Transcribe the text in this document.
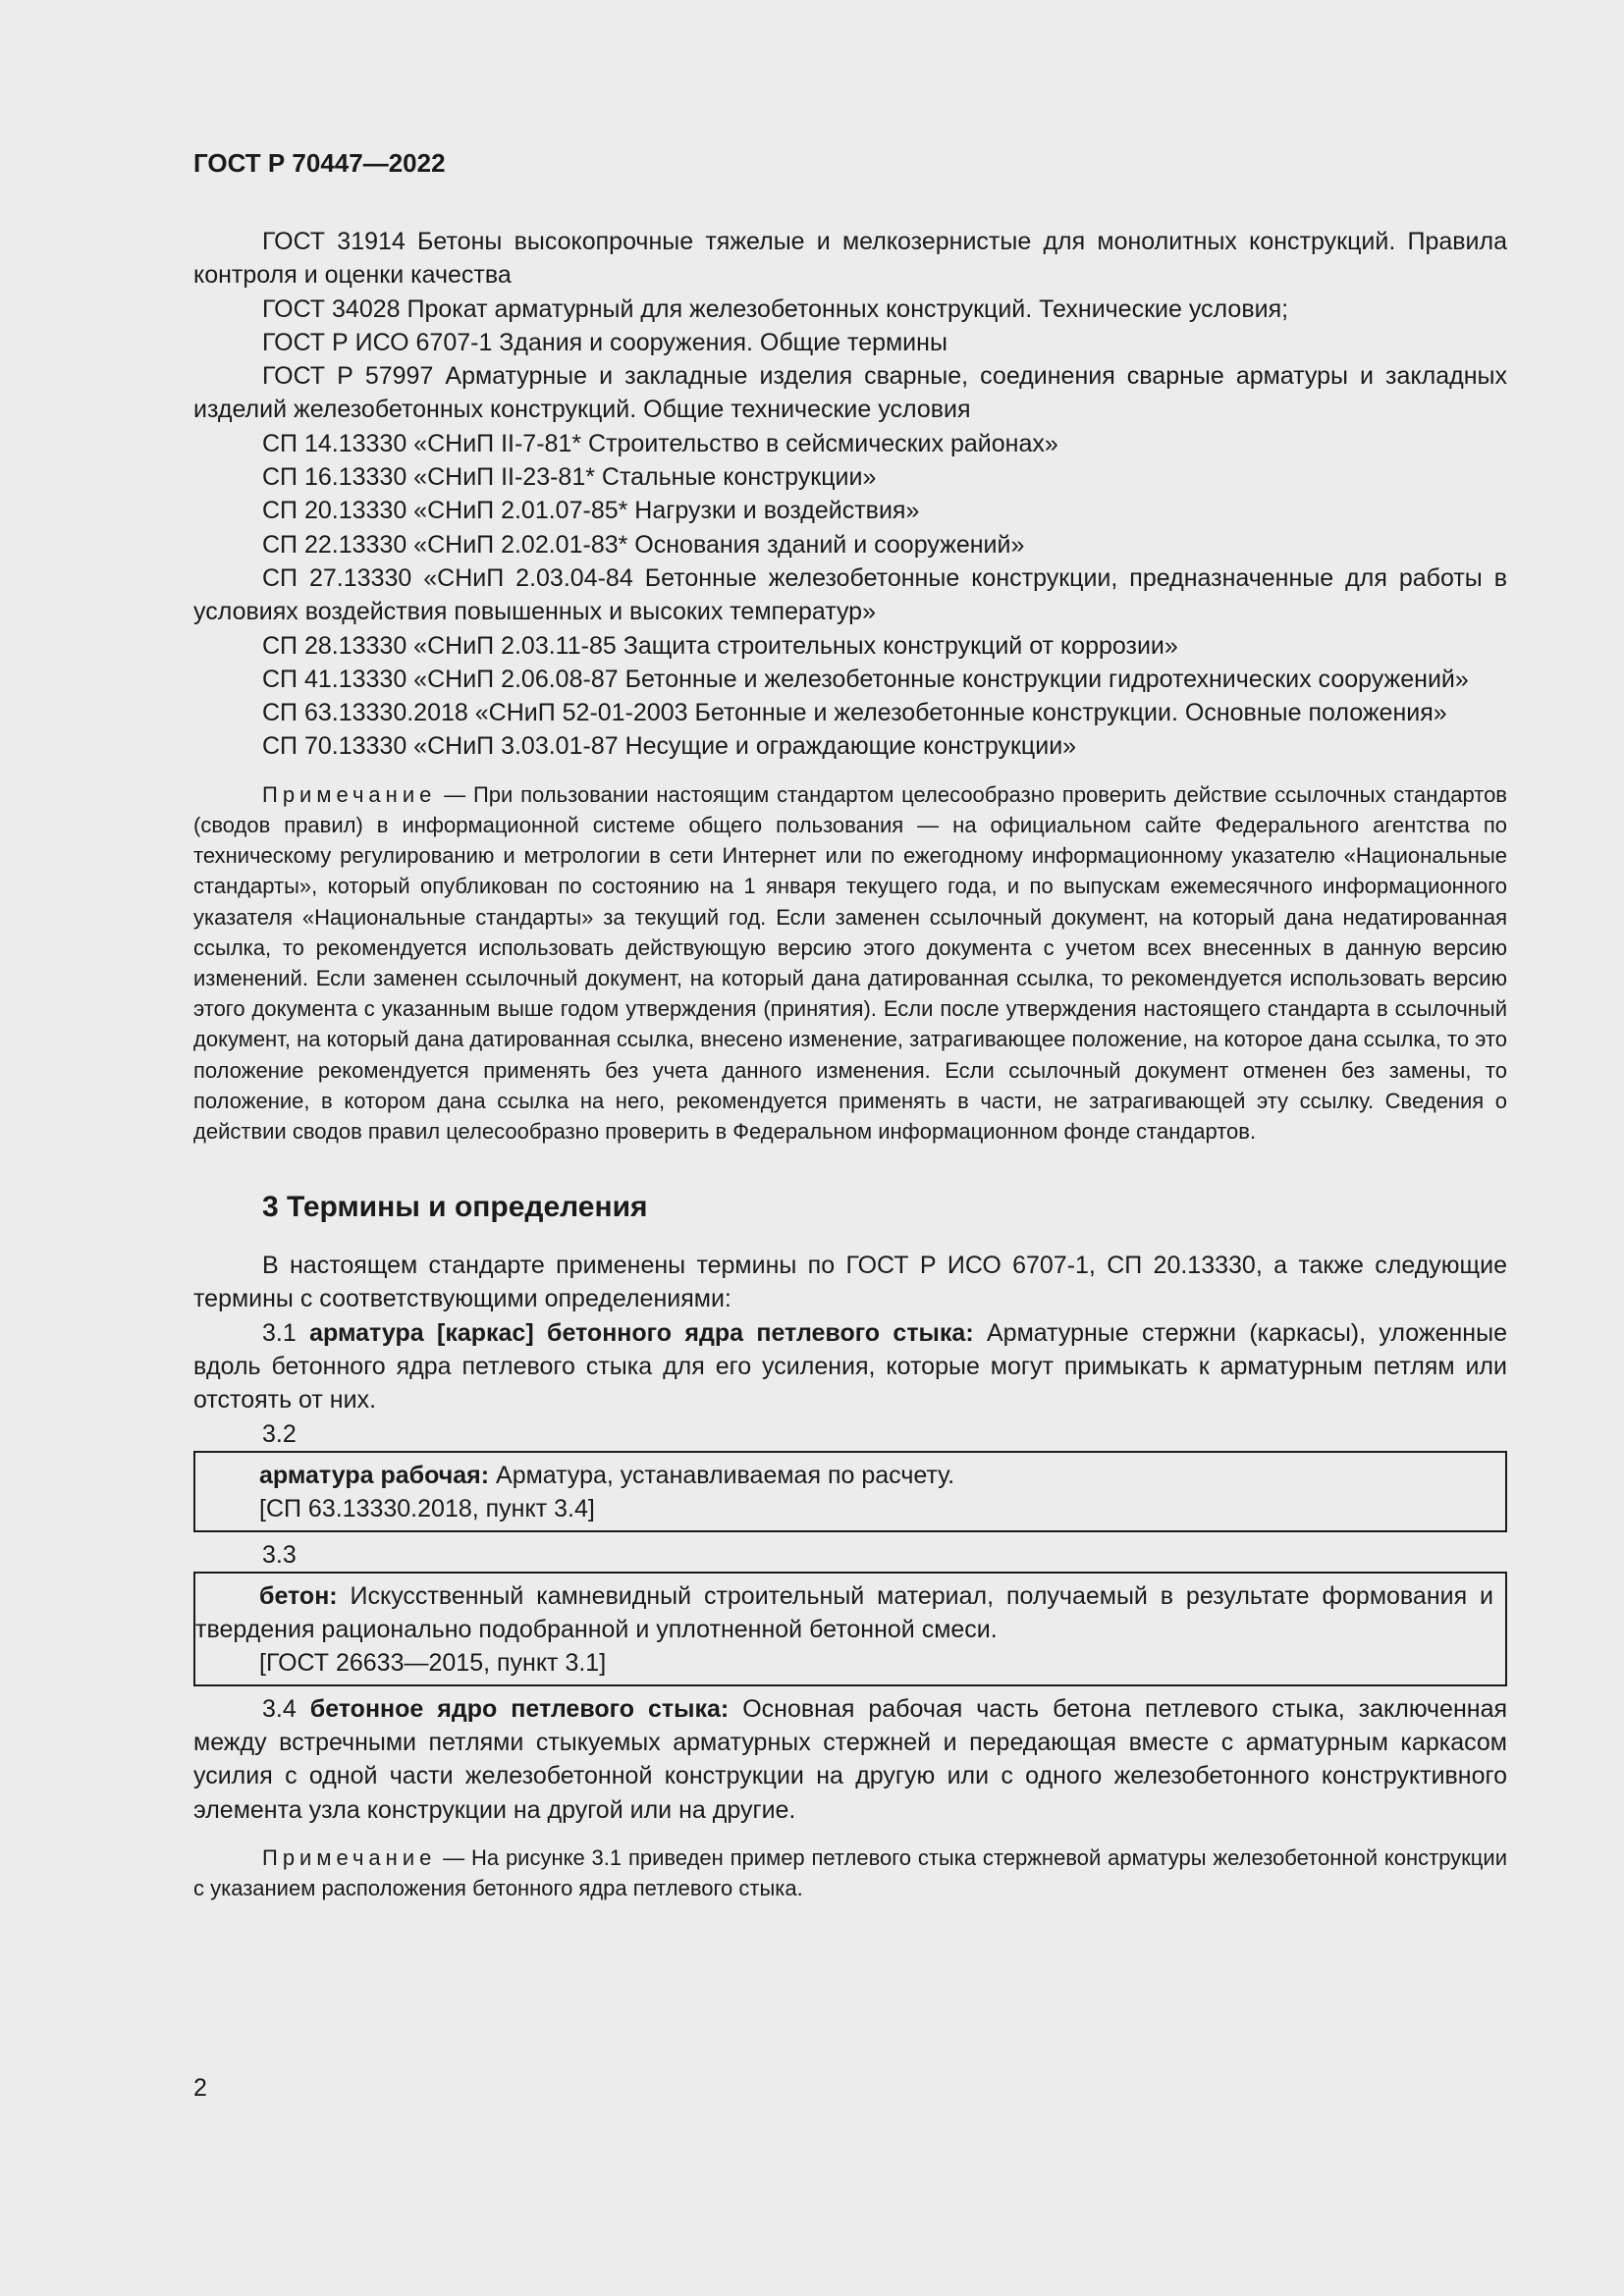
ГОСТ Р 70447—2022

ГОСТ 31914 Бетоны высокопрочные тяжелые и мелкозернистые для монолитных конструкций. Правила контроля и оценки качества

ГОСТ 34028 Прокат арматурный для железобетонных конструкций. Технические условия;

ГОСТ Р ИСО 6707-1 Здания и сооружения. Общие термины

ГОСТ Р 57997 Арматурные и закладные изделия сварные, соединения сварные арматуры и закладных изделий железобетонных конструкций. Общие технические условия

СП 14.13330 «СНиП II-7-81* Строительство в сейсмических районах»

СП 16.13330 «СНиП II-23-81* Стальные конструкции»

СП 20.13330 «СНиП 2.01.07-85* Нагрузки и воздействия»

СП 22.13330 «СНиП 2.02.01-83* Основания зданий и сооружений»

СП 27.13330 «СНиП 2.03.04-84 Бетонные железобетонные конструкции, предназначенные для работы в условиях воздействия повышенных и высоких температур»

СП 28.13330 «СНиП 2.03.11-85 Защита строительных конструкций от коррозии»

СП 41.13330 «СНиП 2.06.08-87 Бетонные и железобетонные конструкции гидротехнических сооружений»

СП 63.13330.2018 «СНиП 52-01-2003 Бетонные и железобетонные конструкции. Основные положения»

СП 70.13330 «СНиП 3.03.01-87 Несущие и ограждающие конструкции»

Примечание — При пользовании настоящим стандартом целесообразно проверить действие ссылочных стандартов (сводов правил) в информационной системе общего пользования — на официальном сайте Федерального агентства по техническому регулированию и метрологии в сети Интернет или по ежегодному информационному указателю «Национальные стандарты», который опубликован по состоянию на 1 января текущего года, и по выпускам ежемесячного информационного указателя «Национальные стандарты» за текущий год. Если заменен ссылочный документ, на который дана недатированная ссылка, то рекомендуется использовать действующую версию этого документа с учетом всех внесенных в данную версию изменений. Если заменен ссылочный документ, на который дана датированная ссылка, то рекомендуется использовать версию этого документа с указанным выше годом утверждения (принятия). Если после утверждения настоящего стандарта в ссылочный документ, на который дана датированная ссылка, внесено изменение, затрагивающее положение, на которое дана ссылка, то это положение рекомендуется применять без учета данного изменения. Если ссылочный документ отменен без замены, то положение, в котором дана ссылка на него, рекомендуется применять в части, не затрагивающей эту ссылку. Сведения о действии сводов правил целесообразно проверить в Федеральном информационном фонде стандартов.

3 Термины и определения

В настоящем стандарте применены термины по ГОСТ Р ИСО 6707-1, СП 20.13330, а также следующие термины с соответствующими определениями:

3.1 арматура [каркас] бетонного ядра петлевого стыка: Арматурные стержни (каркасы), уложенные вдоль бетонного ядра петлевого стыка для его усиления, которые могут примыкать к арматурным петлям или отстоять от них.

3.2

арматура рабочая: Арматура, устанавливаемая по расчету.

[СП 63.13330.2018, пункт 3.4]

3.3

бетон: Искусственный камневидный строительный материал, получаемый в результате формования и твердения рационально подобранной и уплотненной бетонной смеси.

[ГОСТ 26633—2015, пункт 3.1]

3.4 бетонное ядро петлевого стыка: Основная рабочая часть бетона петлевого стыка, заключенная между встречными петлями стыкуемых арматурных стержней и передающая вместе с арматурным каркасом усилия с одной части железобетонной конструкции на другую или с одного железобетонного конструктивного элемента узла конструкции на другой или на другие.

Примечание — На рисунке 3.1 приведен пример петлевого стыка стержневой арматуры железобетонной конструкции с указанием расположения бетонного ядра петлевого стыка.

2
